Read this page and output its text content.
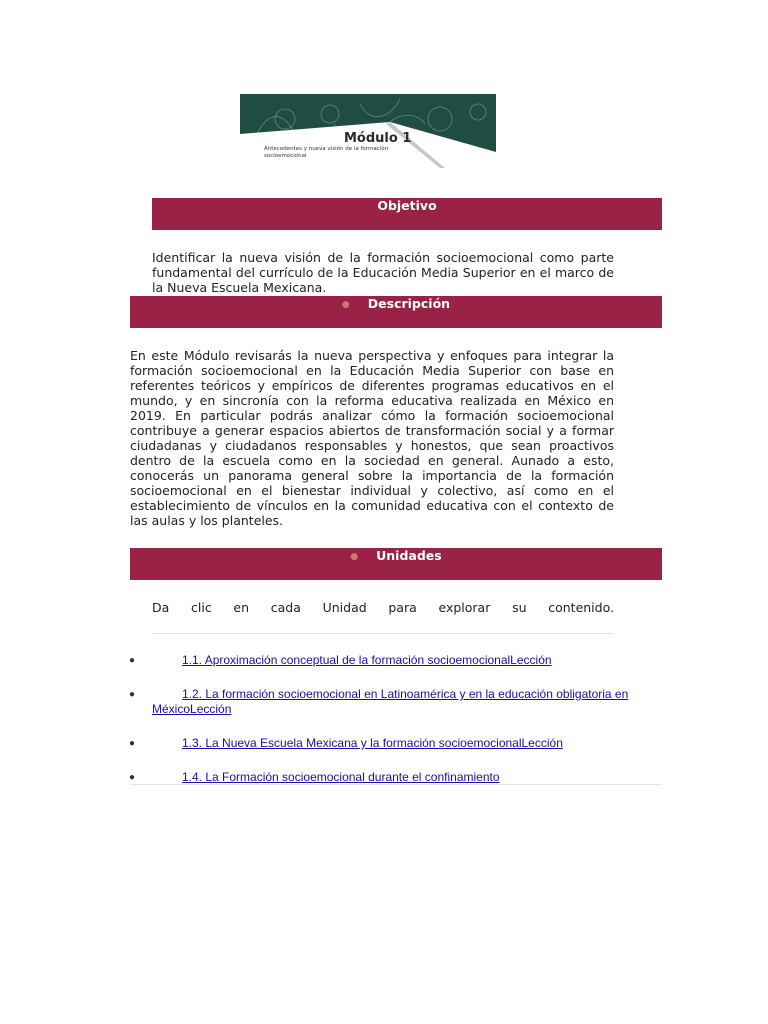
Módulo 1
Antecedentes y nueva visión de la formación socioemocional
Objetivo
Identificar la nueva visión de la formación socioemocional como parte fundamental del currículo de la Educación Media Superior en el marco de la Nueva Escuela Mexicana.
● Descripción
En este Módulo revisarás la nueva perspectiva y enfoques para integrar la formación socioemocional en la Educación Media Superior con base en referentes teóricos y empíricos de diferentes programas educativos en el mundo, y en sincronía con la reforma educativa realizada en México en 2019. En particular podrás analizar cómo la formación socioemocional contribuye a generar espacios abiertos de transformación social y a formar ciudadanas y ciudadanos responsables y honestos, que sean proactivos dentro de la escuela como en la sociedad en general. Aunado a esto, conocerás un panorama general sobre la importancia de la formación socioemocional en el bienestar individual y colectivo, así como en el establecimiento de vínculos en la comunidad educativa con el contexto de las aulas y los planteles.
● Unidades
Da clic en cada Unidad para explorar su contenido.
●	1.1. Aproximación conceptual de la formación socioemocionalLección
●	1.2. La formación socioemocional en Latinoamérica y en la educación obligatoria en MéxicoLección
●	1.3. La Nueva Escuela Mexicana y la formación socioemocionalLección
●	1.4. La Formación socioemocional durante el confinamiento
